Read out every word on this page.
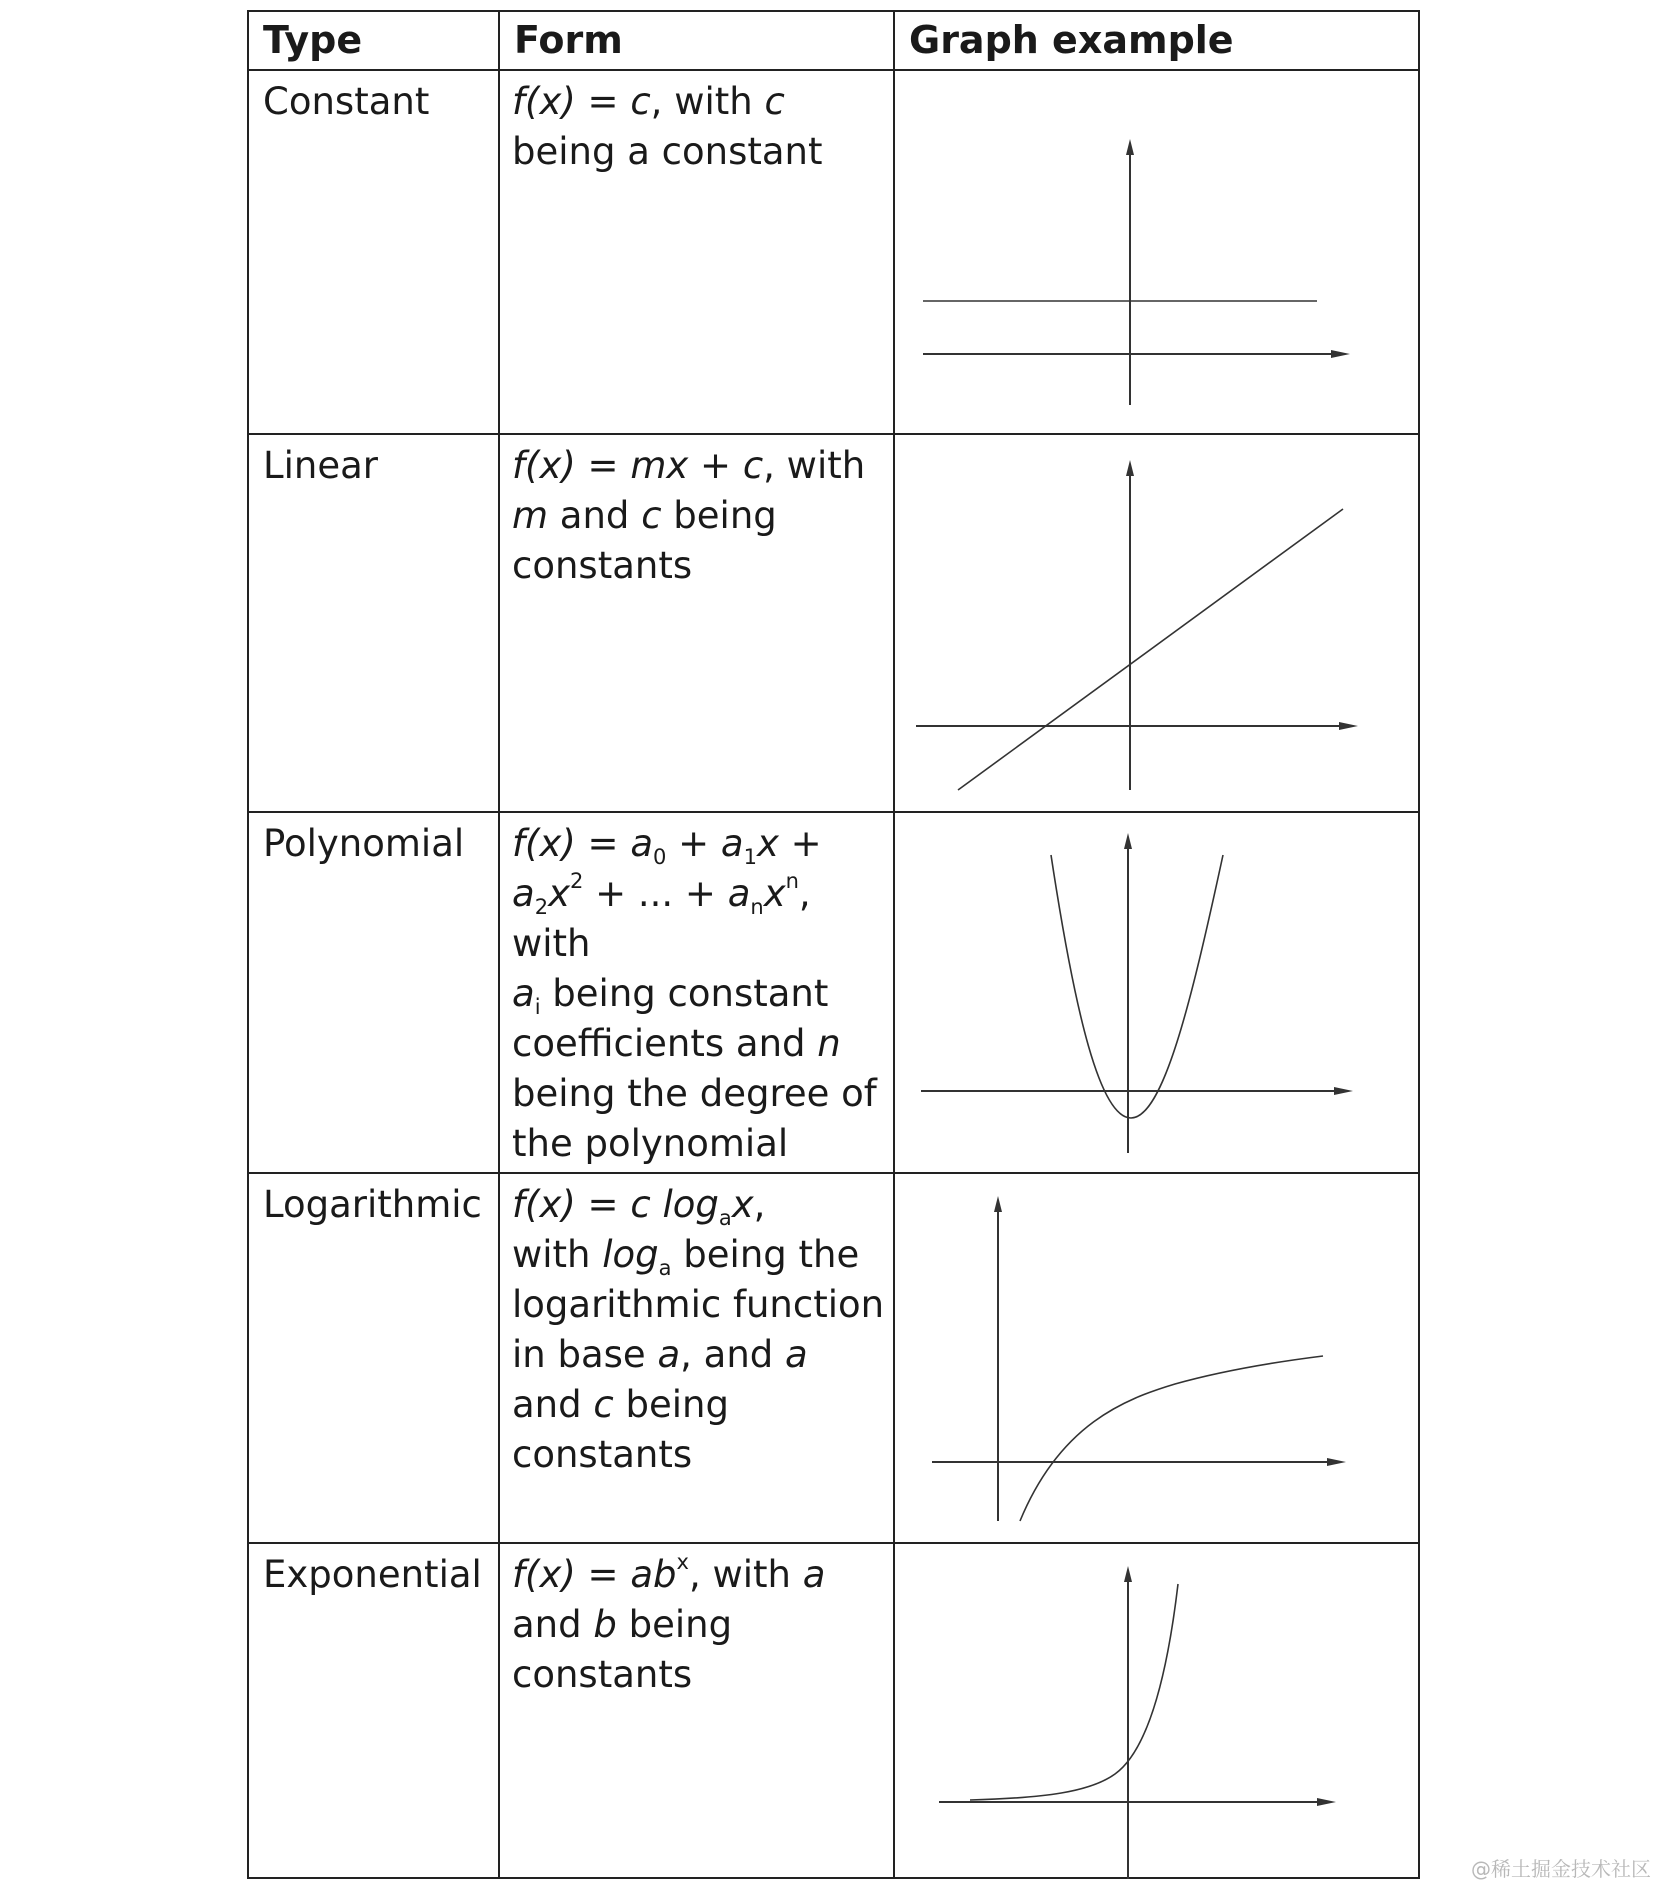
Type	Form	Graph example

Constant	f(x) = c, with c being a constant

Linear	f(x) = mx + c, with m and c being constants

Polynomial	$f(x) = a_0 + a_1x + a_2x^2$ + ... + $a_nx^n$, with
$a_i$ being constant coefficients and n being the degree of the polynomial

Logarithmic	f(x) = c $\log_ax$,
with $\log_a$ being the logarithmic function in base a, and a and c being constants

Exponential	$f(x) = ab^x$, with a and b being constants

@稀土掘金技术社区
